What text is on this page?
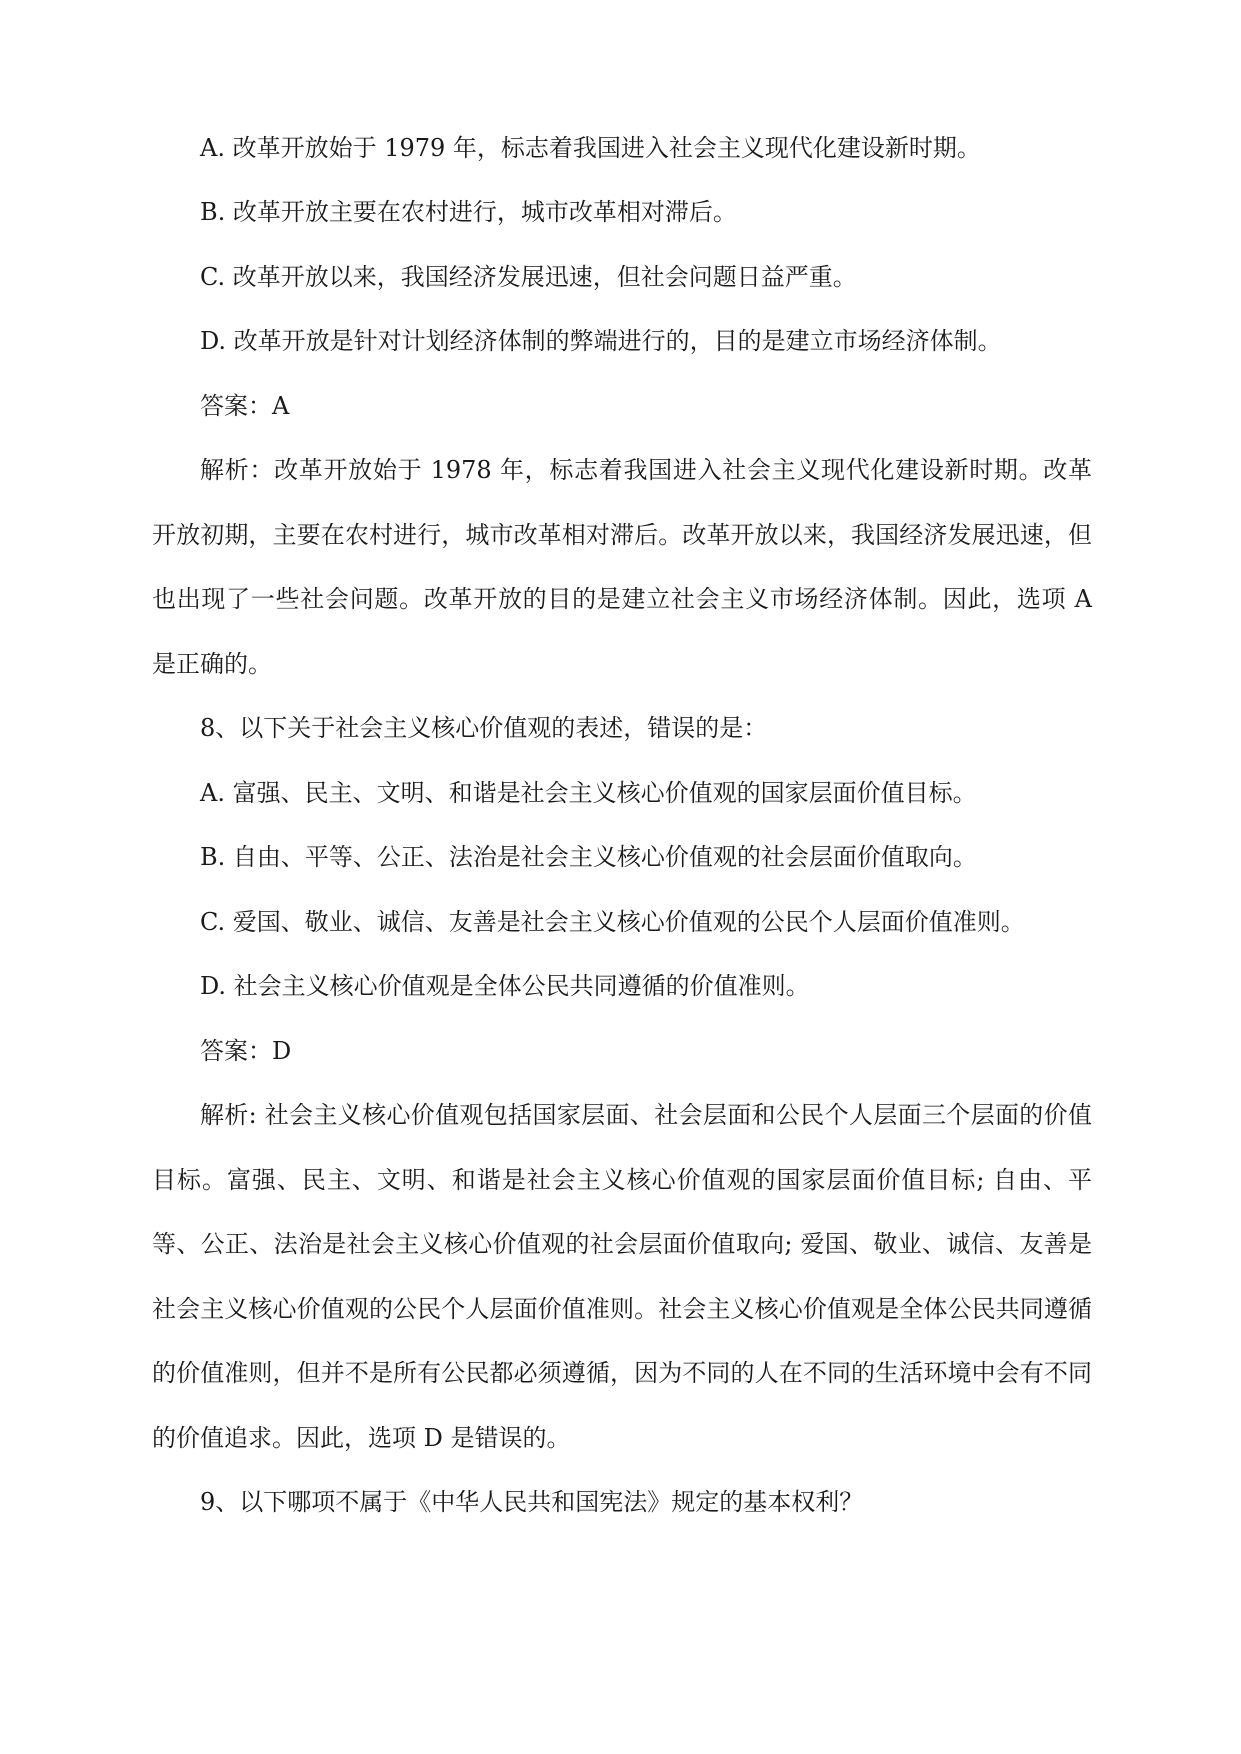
A. 改革开放始于 1979 年，标志着我国进入社会主义现代化建设新时期。
B. 改革开放主要在农村进行，城市改革相对滞后。
C. 改革开放以来，我国经济发展迅速，但社会问题日益严重。
D. 改革开放是针对计划经济体制的弊端进行的，目的是建立市场经济体制。
答案：A
解析：改革开放始于 1978 年，标志着我国进入社会主义现代化建设新时期。改革开放初期，主要在农村进行，城市改革相对滞后。改革开放以来，我国经济发展迅速，但也出现了一些社会问题。改革开放的目的是建立社会主义市场经济体制。因此，选项 A 是正确的。
8、以下关于社会主义核心价值观的表述，错误的是：
A. 富强、民主、文明、和谐是社会主义核心价值观的国家层面价值目标。
B. 自由、平等、公正、法治是社会主义核心价值观的社会层面价值取向。
C. 爱国、敬业、诚信、友善是社会主义核心价值观的公民个人层面价值准则。
D. 社会主义核心价值观是全体公民共同遵循的价值准则。
答案：D
解析: 社会主义核心价值观包括国家层面、社会层面和公民个人层面三个层面的价值目标。富强、民主、文明、和谐是社会主义核心价值观的国家层面价值目标; 自由、平等、公正、法治是社会主义核心价值观的社会层面价值取向; 爱国、敬业、诚信、友善是社会主义核心价值观的公民个人层面价值准则。社会主义核心价值观是全体公民共同遵循的价值准则，但并不是所有公民都必须遵循，因为不同的人在不同的生活环境中会有不同的价值追求。因此，选项 D 是错误的。
9、以下哪项不属于《中华人民共和国宪法》规定的基本权利？
